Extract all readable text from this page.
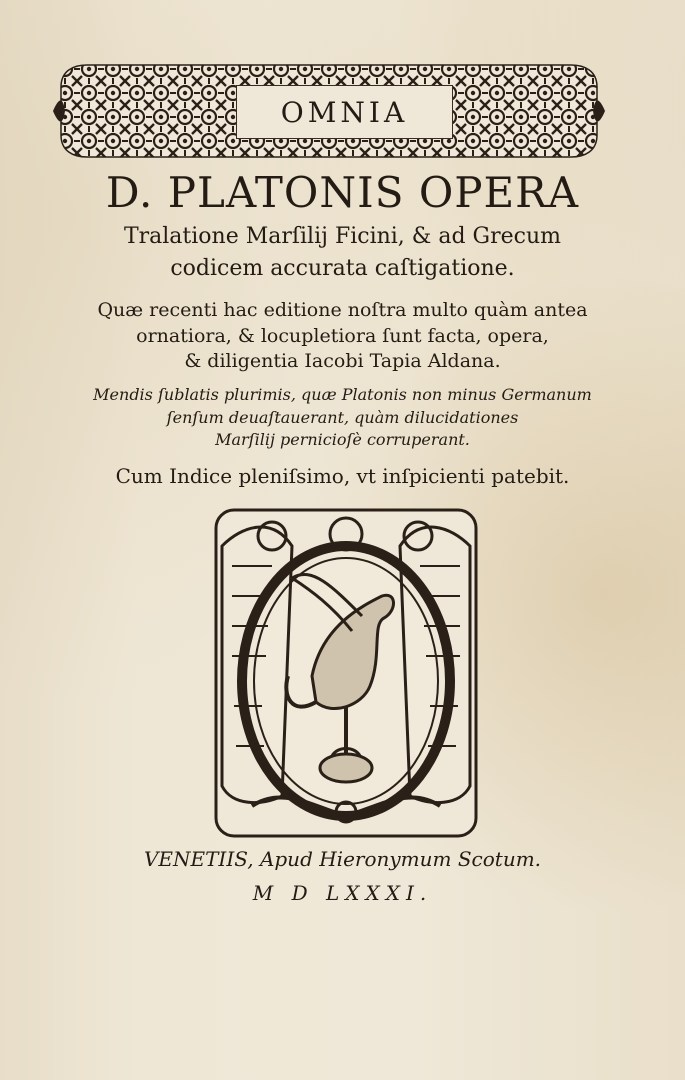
OMNIA
D. PLATONIS OPERA
Tralatione Marſilij Ficini, & ad Grecum
codicem accurata caſtigatione.
Quæ recenti hac editione noſtra multo quàm antea
ornatiora, & locupletiora ſunt facta, opera,
& diligentia Iacobi Tapia Aldana.
Mendis ſublatis plurimis, quæ Platonis non minus Germanum
ſenſum deuaſtauerant, quàm dilucidationes
Marſilij pernicioſè corruperant.
Cum Indice pleniſsimo, vt inſpicienti patebit.
VENETIIS, Apud Hieronymum Scotum.
M D LXXXI.
